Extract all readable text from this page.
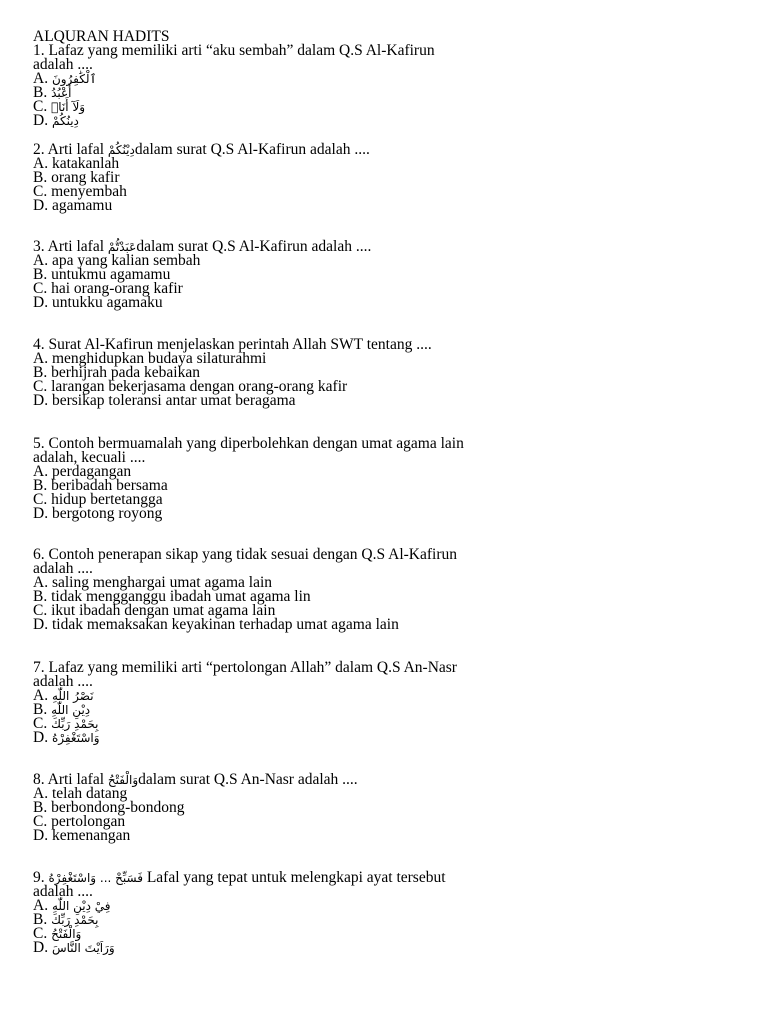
ALQURAN HADITS
1. Lafaz yang memiliki arti “aku sembah” dalam Q.S Al-Kafirun
adalah ....
A. ٱلْكَٰفِرُونَ
B. أَعْبُدُ
C. وَلَآ أَنَا۠
D. دِينُكُمْ
2. Arti lafal دِيْنُكُمْdalam surat Q.S Al-Kafirun adalah ....
A. katakanlah
B. orang kafir
C. menyembah
D. agamamu
3. Arti lafal عَبَدْتُّمْdalam surat Q.S Al-Kafirun adalah ....
A. apa yang kalian sembah
B. untukmu agamamu
C. hai orang-orang kafir
D. untukku agamaku
4. Surat Al-Kafirun menjelaskan perintah Allah SWT tentang ....
A. menghidupkan budaya silaturahmi
B. berhijrah pada kebaikan
C. larangan bekerjasama dengan orang-orang kafir
D. bersikap toleransi antar umat beragama
5. Contoh bermuamalah yang diperbolehkan dengan umat agama lain
adalah, kecuali ....
A. perdagangan
B. beribadah bersama
C. hidup bertetangga
D. bergotong royong
6. Contoh penerapan sikap yang tidak sesuai dengan Q.S Al-Kafirun
adalah ....
A. saling menghargai umat agama lain
B. tidak mengganggu ibadah umat agama lin
C. ikut ibadah dengan umat agama lain
D. tidak memaksakan keyakinan terhadap umat agama lain
7. Lafaz yang memiliki arti “pertolongan Allah” dalam Q.S An-Nasr
adalah ....
A. نَصْرُ اللّٰهِ
B. دِيْنِ اللّٰهِ
C. بِحَمْدِ رَبِّكَ
D. وَاسْتَغْفِرْهُ
8. Arti lafal وَالْفَتْحُdalam surat Q.S An-Nasr adalah ....
A. telah datang
B. berbondong-bondong
C. pertolongan
D. kemenangan
9. فَسَبِّحْ ... وَاسْتَغْفِرْهُ Lafal yang tepat untuk melengkapi ayat tersebut
adalah ....
A. فِيْ دِيْنِ اللّٰهِ
B. بِحَمْدِ رَبِّكَ
C. وَالْفَتْحُ
D. وَرَاَيْتَ النَّاسَ
